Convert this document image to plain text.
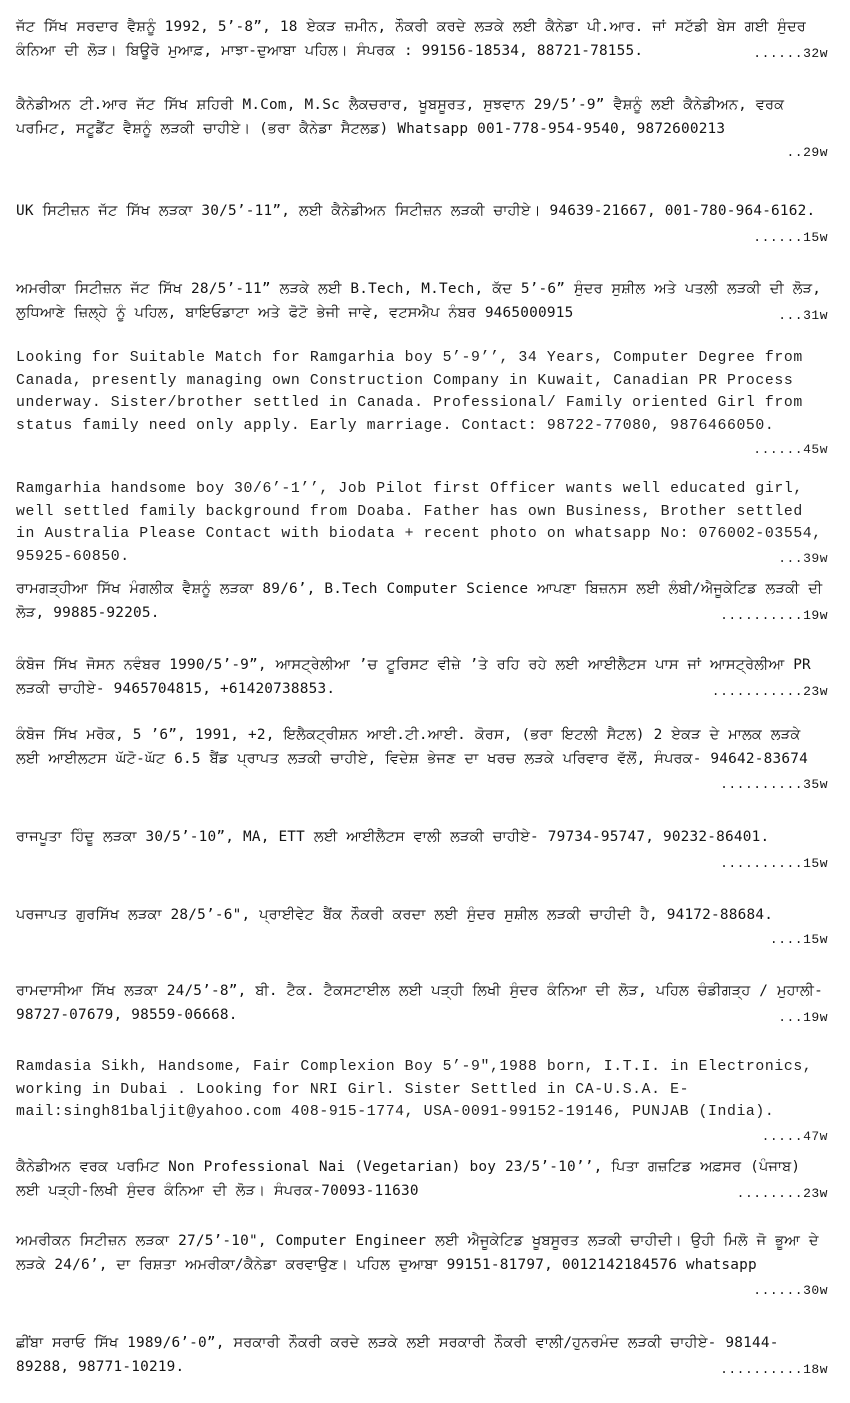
ਜੱਟ ਸਿੱਖ ਸਰਦਾਰ ਵੈਸ਼ਨੂੰ 1992, 5’-8”, 18 ਏਕੜ ਜ਼ਮੀਨ, ਨੌਕਰੀ ਕਰਦੇ ਲੜਕੇ ਲਈ ਕੈਨੇਡਾ ਪੀ.ਆਰ. ਜਾਂ ਸਟੱਡੀ ਬੇਸ ਗਈ ਸੁੰਦਰ ਕੰਨਿਆ ਦੀ ਲੋੜ। ਬਿਊਰੋ ਮੁਆਫ਼, ਮਾਝਾ-ਦੁਆਬਾ ਪਹਿਲ। ਸੰਪਰਕ : 99156-18534, 88721-78155.	......32w
ਕੈਨੇਡੀਅਨ ਟੀ.ਆਰ ਜੱਟ ਸਿੱਖ ਸ਼ਹਿਰੀ M.Com, M.Sc ਲੈਕਚਰਾਰ, ਖੂਬਸੂਰਤ, ਸੁਝਵਾਨ 29/5’-9” ਵੈਸ਼ਨੂੰ ਲਈ ਕੈਨੇਡੀਅਨ, ਵਰਕ ਪਰਮਿਟ, ਸਟੂਡੈਂਟ ਵੈਸ਼ਨੂੰ ਲੜਕੀ ਚਾਹੀਏ। (ਭਰਾ ਕੈਨੇਡਾ ਸੈਟਲਡ) Whatsapp 001-778-954-9540, 9872600213
..29w
UK ਸਿਟੀਜ਼ਨ ਜੱਟ ਸਿੱਖ ਲੜਕਾ 30/5’-11”, ਲਈ ਕੈਨੇਡੀਅਨ ਸਿਟੀਜ਼ਨ ਲੜਕੀ ਚਾਹੀਏ। 94639-21667, 001-780-964-6162.
......15w
ਅਮਰੀਕਾ ਸਿਟੀਜ਼ਨ ਜੱਟ ਸਿੱਖ 28/5’-11” ਲੜਕੇ ਲਈ B.Tech, M.Tech, ਕੱਦ 5’-6” ਸੁੰਦਰ ਸੁਸ਼ੀਲ ਅਤੇ ਪਤਲੀ ਲੜਕੀ ਦੀ ਲੋੜ, ਲੁਧਿਆਣੇ ਜ਼ਿਲ੍ਹੇ ਨੂੰ ਪਹਿਲ, ਬਾਇਓਡਾਟਾ ਅਤੇ ਫੋਟੋ ਭੇਜੀ ਜਾਵੇ, ਵਟਸਐਪ ਨੰਬਰ 9465000915	...31w
Looking for Suitable Match for Ramgarhia boy 5’-9’’, 34 Years, Computer Degree from Canada, presently managing own Construction Company in Kuwait, Canadian PR Process underway. Sister/brother settled in Canada. Professional/ Family oriented Girl from status family need only apply. Early marriage. Contact: 98722-77080, 9876466050.
......45w
Ramgarhia handsome boy 30/6’-1’’, Job Pilot first Officer wants well educated girl, well settled family background from Doaba. Father has own Business, Brother settled in Australia Please Contact with biodata + recent photo on whatsapp No: 076002-03554, 95925-60850.	...39w
ਰਾਮਗੜ੍ਹੀਆ ਸਿੱਖ ਮੰਗਲੀਕ ਵੈਸ਼ਨੂੰ ਲੜਕਾ 89/6’, B.Tech Computer Science ਆਪਣਾ ਬਿਜ਼ਨਸ ਲਈ ਲੰਬੀ/ਐਜੂਕੇਟਿਡ ਲੜਕੀ ਦੀ ਲੋੜ, 99885-92205.	..........19w
ਕੰਬੋਜ ਸਿੱਖ ਜੋਸਨ ਨਵੰਬਰ 1990/5’-9”, ਆਸਟ੍ਰੇਲੀਆ ’ਚ ਟੂਰਿਸਟ ਵੀਜ਼ੇ ’ਤੇ ਰਹਿ ਰਹੇ ਲਈ ਆਈਲੈਟਸ ਪਾਸ ਜਾਂ ਆਸਟ੍ਰੇਲੀਆ PR ਲੜਕੀ ਚਾਹੀਏ- 9465704815, +61420738853.	...........23w
ਕੰਬੋਜ ਸਿੱਖ ਮਰੋਕ, 5 ’6”, 1991, +2, ਇਲੈਕਟ੍ਰੀਸ਼ਨ ਆਈ.ਟੀ.ਆਈ. ਕੋਰਸ, (ਭਰਾ ਇਟਲੀ ਸੈਟਲ) 2 ਏਕੜ ਦੇ ਮਾਲਕ ਲੜਕੇ ਲਈ ਆਈਲਟਸ ਘੱਟੋ-ਘੱਟ 6.5 ਬੈਂਡ ਪ੍ਰਾਪਤ ਲੜਕੀ ਚਾਹੀਏ, ਵਿਦੇਸ਼ ਭੇਜਣ ਦਾ ਖਰਚ ਲੜਕੇ ਪਰਿਵਾਰ ਵੱਲੋਂ, ਸੰਪਰਕ- 94642-83674
..........35w
ਰਾਜਪੂਤਾ ਹਿੰਦੂ ਲੜਕਾ 30/5’-10”, MA, ETT ਲਈ ਆਈਲੈਟਸ ਵਾਲੀ ਲੜਕੀ ਚਾਹੀਏ- 79734-95747, 90232-86401.
..........15w
ਪਰਜਾਪਤ ਗੁਰਸਿੱਖ ਲੜਕਾ 28/5’-6", ਪ੍ਰਾਈਵੇਟ ਬੈਂਕ ਨੌਕਰੀ ਕਰਦਾ ਲਈ ਸੁੰਦਰ ਸੁਸ਼ੀਲ ਲੜਕੀ ਚਾਹੀਦੀ ਹੈ, 94172-88684.
....15w
ਰਾਮਦਾਸੀਆ ਸਿੱਖ ਲੜਕਾ 24/5’-8”, ਬੀ. ਟੈਕ. ਟੈਕਸਟਾਈਲ ਲਈ ਪੜ੍ਹੀ ਲਿਖੀ ਸੁੰਦਰ ਕੰਨਿਆ ਦੀ ਲੋੜ, ਪਹਿਲ ਚੰਡੀਗੜ੍ਹ / ਮੁਹਾਲੀ- 98727-07679, 98559-06668.	...19w
Ramdasia Sikh, Handsome, Fair Complexion Boy 5’-9",1988 born, I.T.I. in Electronics, working in Dubai . Looking for NRI Girl. Sister Settled in CA-U.S.A. E-mail:singh81baljit@yahoo.com 408-915-1774, USA-0091-99152-19146, PUNJAB (India).
.....47w
ਕੈਨੇਡੀਅਨ ਵਰਕ ਪਰਮਿਟ Non Professional Nai (Vegetarian) boy 23/5’-10’’, ਪਿਤਾ ਗਜ਼ਟਿਡ ਅਫ਼ਸਰ (ਪੰਜਾਬ) ਲਈ ਪੜ੍ਹੀ-ਲਿਖੀ ਸੁੰਦਰ ਕੰਨਿਆ ਦੀ ਲੋੜ। ਸੰਪਰਕ-70093-11630	........23w
ਅਮਰੀਕਨ ਸਿਟੀਜ਼ਨ ਲੜਕਾ 27/5’-10", Computer Engineer ਲਈ ਐਜੂਕੇਟਿਡ ਖੂਬਸੂਰਤ ਲੜਕੀ ਚਾਹੀਦੀ। ਉਹੀ ਮਿਲੋ ਜੋ ਭੂਆ ਦੇ ਲੜਕੇ 24/6’, ਦਾ ਰਿਸ਼ਤਾ ਅਮਰੀਕਾ/ਕੈਨੇਡਾ ਕਰਵਾਉਣ। ਪਹਿਲ ਦੁਆਬਾ 99151-81797, 0012142184576 whatsapp
......30w
ਛੀਂਬਾ ਸਰਾਓ ਸਿੱਖ 1989/6’-0”, ਸਰਕਾਰੀ ਨੌਕਰੀ ਕਰਦੇ ਲੜਕੇ ਲਈ ਸਰਕਾਰੀ ਨੌਕਰੀ ਵਾਲੀ/ਹੁਨਰਮੰਦ ਲੜਕੀ ਚਾਹੀਏ- 98144-89288, 98771-10219.	..........18w
